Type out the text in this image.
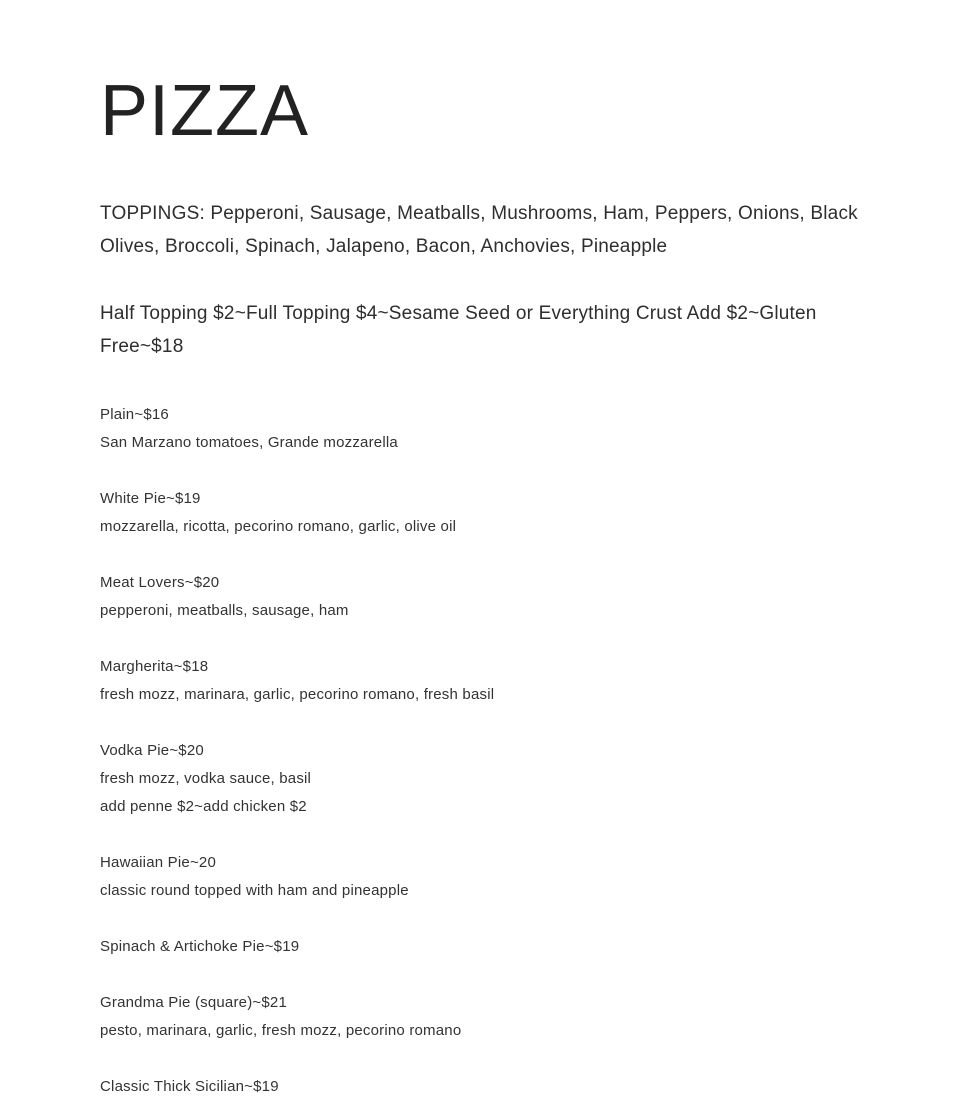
PIZZA

TOPPINGS: Pepperoni, Sausage, Meatballs, Mushrooms, Ham, Peppers, Onions, Black Olives, Broccoli, Spinach, Jalapeno, Bacon, Anchovies, Pineapple

Half Topping $2~Full Topping $4~Sesame Seed or Everything Crust Add $2~Gluten Free~$18

Plain~$16
San Marzano tomatoes, Grande mozzarella
White Pie~$19
mozzarella, ricotta, pecorino romano, garlic, olive oil
Meat Lovers~$20
pepperoni, meatballs, sausage, ham
Margherita~$18
fresh mozz, marinara, garlic, pecorino romano, fresh basil
Vodka Pie~$20
fresh mozz, vodka sauce, basil
add penne $2~add chicken $2
Hawaiian Pie~20
classic round topped with ham and pineapple
Spinach & Artichoke Pie~$19
Grandma Pie (square)~$21
pesto, marinara, garlic, fresh mozz, pecorino romano
Classic Thick Sicilian~$19
